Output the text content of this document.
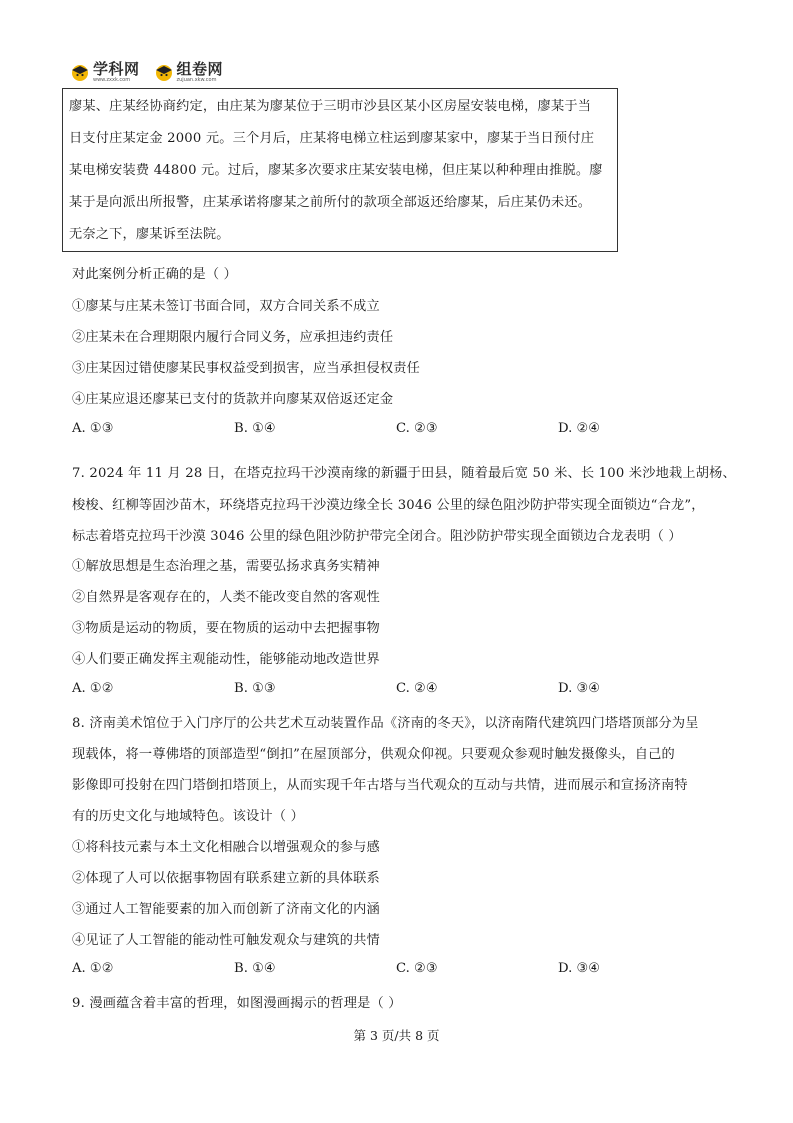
学科网
www.zxxk.com
组卷网
zujuan.xkw.com

廖某、庄某经协商约定，由庄某为廖某位于三明市沙县区某小区房屋安装电梯，廖某于当

日支付庄某定金 2000 元。三个月后，庄某将电梯立柱运到廖某家中，廖某于当日预付庄

某电梯安装费 44800 元。过后，廖某多次要求庄某安装电梯，但庄某以种种理由推脱。廖

某于是向派出所报警，庄某承诺将廖某之前所付的款项全部返还给廖某，后庄某仍未还。

无奈之下，廖某诉至法院。

对此案例分析正确的是（ ）
①廖某与庄某未签订书面合同，双方合同关系不成立
②庄某未在合理期限内履行合同义务，应承担违约责任
③庄某因过错使廖某民事权益受到损害，应当承担侵权责任
④庄某应退还廖某已支付的货款并向廖某双倍返还定金
A. ①③	B. ①④	C. ②③	D. ②④
7. 2024 年 11 月 28 日，在塔克拉玛干沙漠南缘的新疆于田县，随着最后宽 50 米、长 100 米沙地栽上胡杨、
梭梭、红柳等固沙苗木，环绕塔克拉玛干沙漠边缘全长 3046 公里的绿色阻沙防护带实现全面锁边“合龙”，
标志着塔克拉玛干沙漠 3046 公里的绿色阻沙防护带完全闭合。阻沙防护带实现全面锁边合龙表明（ ）
①解放思想是生态治理之基，需要弘扬求真务实精神
②自然界是客观存在的，人类不能改变自然的客观性
③物质是运动的物质，要在物质的运动中去把握事物
④人们要正确发挥主观能动性，能够能动地改造世界
A. ①②	B. ①③	C. ②④	D. ③④
8. 济南美术馆位于入门序厅的公共艺术互动装置作品《济南的冬天》，以济南隋代建筑四门塔塔顶部分为呈
现载体，将一尊佛塔的顶部造型“倒扣”在屋顶部分，供观众仰视。只要观众参观时触发摄像头，自己的
影像即可投射在四门塔倒扣塔顶上，从而实现千年古塔与当代观众的互动与共情，进而展示和宣扬济南特
有的历史文化与地域特色。该设计（ ）
①将科技元素与本土文化相融合以增强观众的参与感
②体现了人可以依据事物固有联系建立新的具体联系
③通过人工智能要素的加入而创新了济南文化的内涵
④见证了人工智能的能动性可触发观众与建筑的共情
A. ①②	B. ①④	C. ②③	D. ③④
9. 漫画蕴含着丰富的哲理，如图漫画揭示的哲理是（ ）
第 3 页/共 8 页
